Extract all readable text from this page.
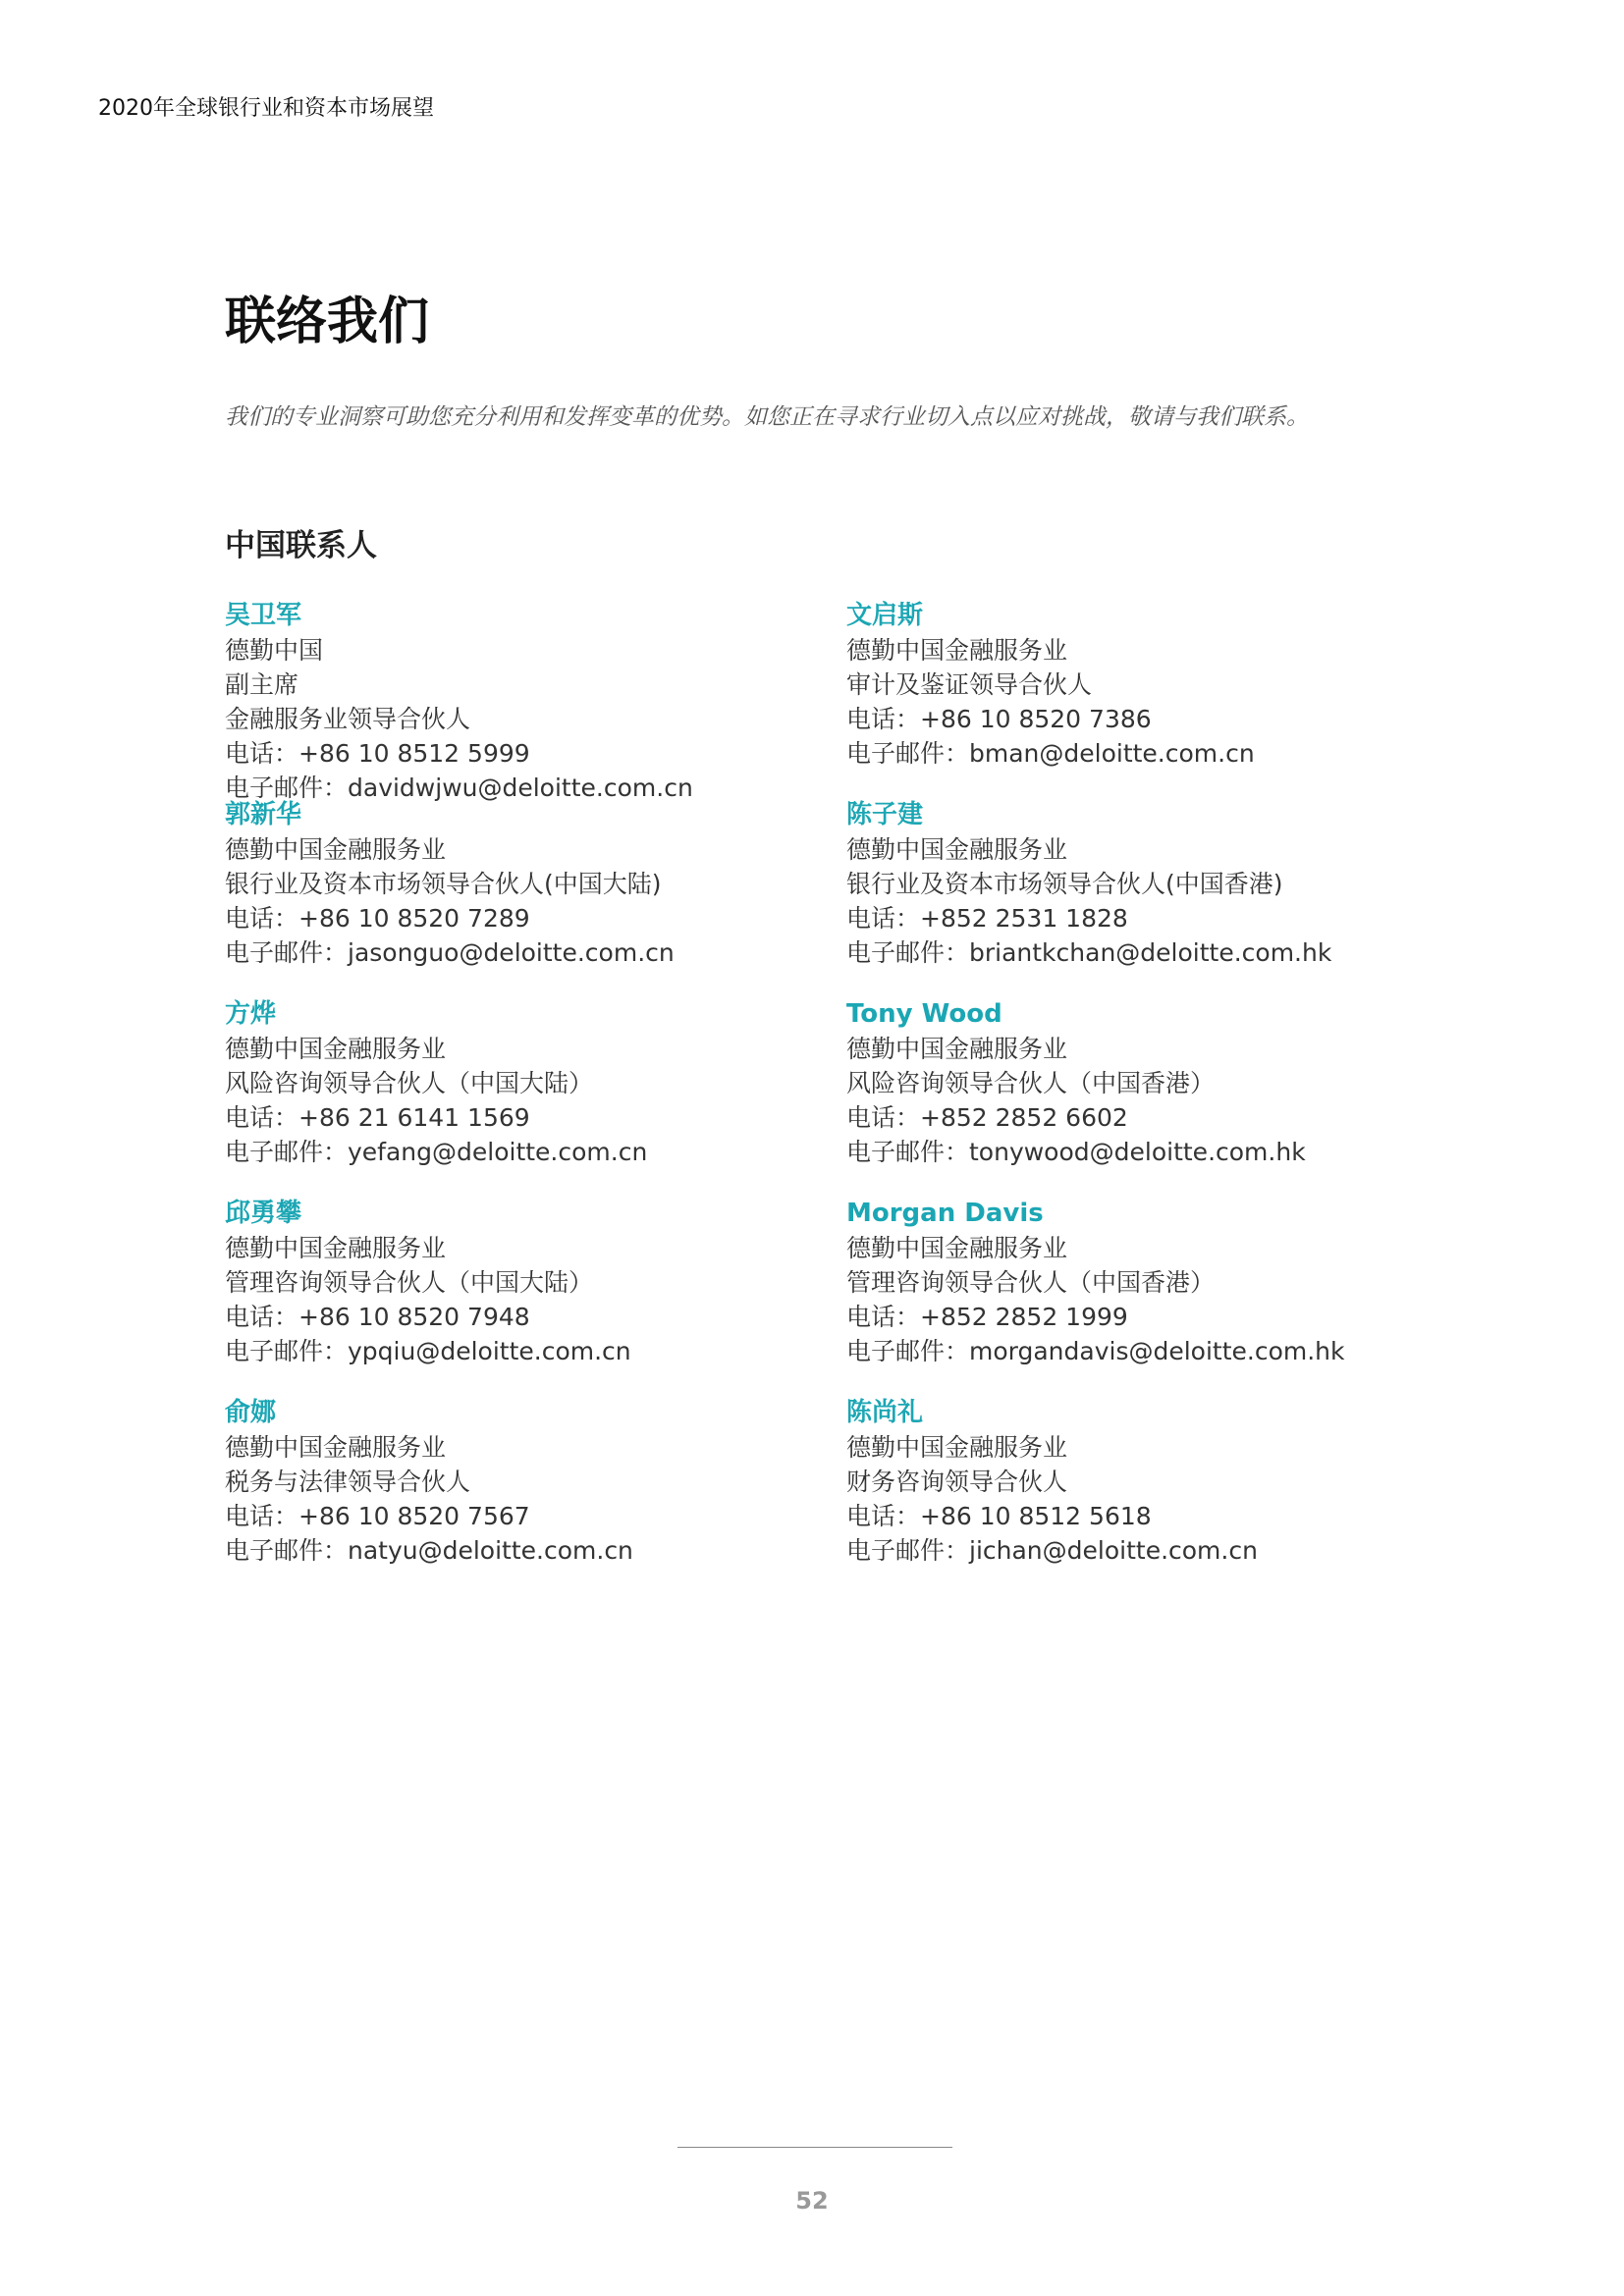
2020年全球银行业和资本市场展望
联络我们
我们的专业洞察可助您充分利用和发挥变革的优势。如您正在寻求行业切入点以应对挑战，敬请与我们联系。
中国联系人
吴卫军
德勤中国
副主席
金融服务业领导合伙人
电话：+86 10 8512 5999
电子邮件：davidwjwu@deloitte.com.cn
文启斯
德勤中国金融服务业
审计及鉴证领导合伙人
电话：+86 10 8520 7386
电子邮件：bman@deloitte.com.cn
郭新华
德勤中国金融服务业
银行业及资本市场领导合伙人(中国大陆)
电话：+86 10 8520 7289
电子邮件：jasonguo@deloitte.com.cn
陈子建
德勤中国金融服务业
银行业及资本市场领导合伙人(中国香港)
电话：+852 2531 1828
电子邮件：briantkchan@deloitte.com.hk
方烨
德勤中国金融服务业
风险咨询领导合伙人（中国大陆）
电话：+86 21 6141 1569
电子邮件：yefang@deloitte.com.cn
Tony Wood
德勤中国金融服务业
风险咨询领导合伙人（中国香港）
电话：+852 2852 6602
电子邮件：tonywood@deloitte.com.hk
邱勇攀
德勤中国金融服务业
管理咨询领导合伙人（中国大陆）
电话：+86 10 8520 7948
电子邮件：ypqiu@deloitte.com.cn
Morgan Davis
德勤中国金融服务业
管理咨询领导合伙人（中国香港）
电话：+852 2852 1999
电子邮件：morgandavis@deloitte.com.hk
俞娜
德勤中国金融服务业
税务与法律领导合伙人
电话：+86 10 8520 7567
电子邮件：natyu@deloitte.com.cn
陈尚礼
德勤中国金融服务业
财务咨询领导合伙人
电话：+86 10 8512 5618
电子邮件：jichan@deloitte.com.cn
52
